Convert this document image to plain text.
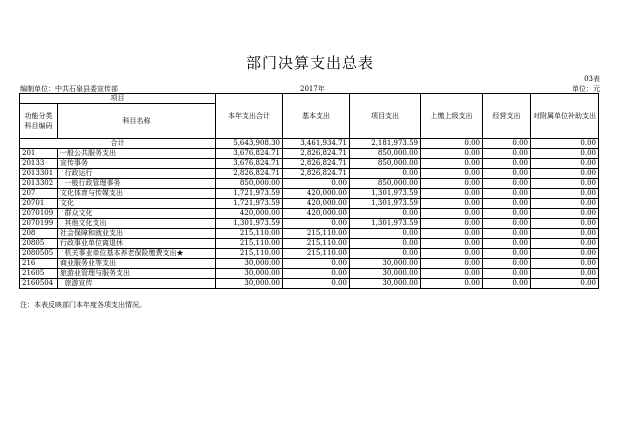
部门决算支出总表
03表
编制单位：中共石泉县委宣传部	2017年	单位：元
项目		本年支出合计	基本支出	项目支出	上缴上级支出	经营支出	对附属单位补助支出
功能分类科目编码	科目名称						
合计		5,643,908.30	3,461,934.71	2,181,973.59	0.00	0.00	0.00
201	一般公共服务支出	3,676,824.71	2,826,824.71	850,000.00	0.00	0.00	0.00
20133	宣传事务	3,676,824.71	2,826,824.71	850,000.00	0.00	0.00	0.00
2013301	行政运行	2,826,824.71	2,826,824.71	0.00	0.00	0.00	0.00
2013302	一般行政管理事务	850,000.00	0.00	850,000.00	0.00	0.00	0.00
207	文化体育与传媒支出	1,721,973.59	420,000.00	1,301,973.59	0.00	0.00	0.00
20701	文化	1,721,973.59	420,000.00	1,301,973.59	0.00	0.00	0.00
2070109	群众文化	420,000.00	420,000.00	0.00	0.00	0.00	0.00
2070199	其他文化支出	1,301,973.59	0.00	1,301,973.59	0.00	0.00	0.00
208	社会保障和就业支出	215,110.00	215,110.00	0.00	0.00	0.00	0.00
20805	行政事业单位离退休	215,110.00	215,110.00	0.00	0.00	0.00	0.00
2080505	机关事业单位基本养老保险缴费支出★	215,110.00	215,110.00	0.00	0.00	0.00	0.00
216	商业服务业等支出	30,000.00	0.00	30,000.00	0.00	0.00	0.00
21605	旅游业管理与服务支出	30,000.00	0.00	30,000.00	0.00	0.00	0.00
2160504	旅游宣传	30,000.00	0.00	30,000.00	0.00	0.00	0.00
注：本表反映部门本年度各项支出情况。
